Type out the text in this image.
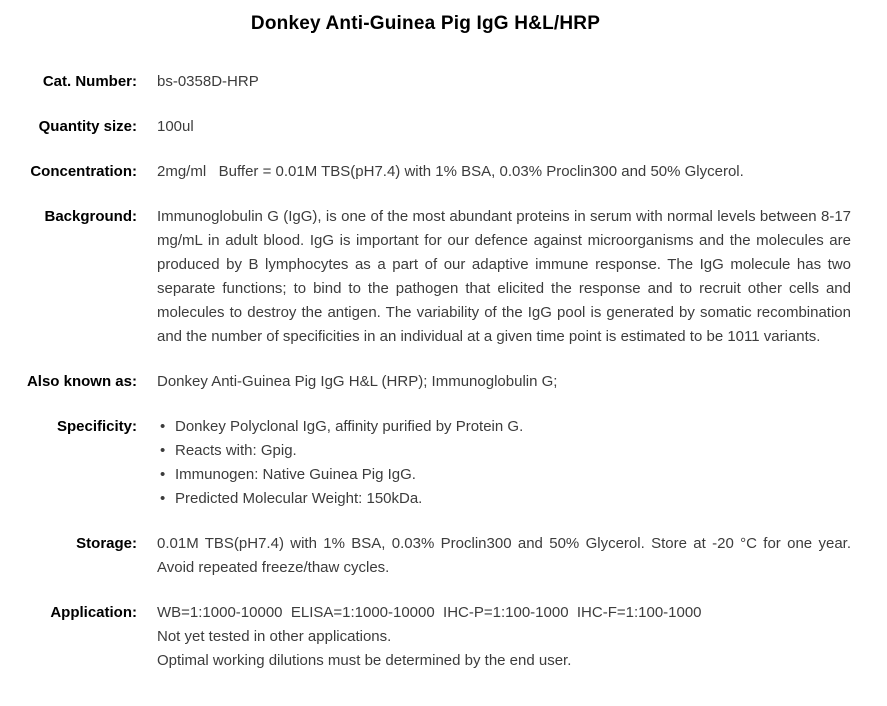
Donkey Anti-Guinea Pig IgG H&L/HRP
Cat. Number: bs-0358D-HRP
Quantity size: 100ul
Concentration: 2mg/ml   Buffer = 0.01M TBS(pH7.4) with 1% BSA, 0.03% Proclin300 and 50% Glycerol.
Background: Immunoglobulin G (IgG), is one of the most abundant proteins in serum with normal levels between 8-17 mg/mL in adult blood. IgG is important for our defence against microorganisms and the molecules are produced by B lymphocytes as a part of our adaptive immune response. The IgG molecule has two separate functions; to bind to the pathogen that elicited the response and to recruit other cells and molecules to destroy the antigen. The variability of the IgG pool is generated by somatic recombination and the number of specificities in an individual at a given time point is estimated to be 1011 variants.
Also known as: Donkey Anti-Guinea Pig IgG H&L (HRP); Immunoglobulin G;
Specificity: • Donkey Polyclonal IgG, affinity purified by Protein G.
• Reacts with: Gpig.
• Immunogen: Native Guinea Pig IgG.
• Predicted Molecular Weight: 150kDa.
Storage: 0.01M TBS(pH7.4) with 1% BSA, 0.03% Proclin300 and 50% Glycerol. Store at -20 °C for one year. Avoid repeated freeze/thaw cycles.
Application: WB=1:1000-10000  ELISA=1:1000-10000  IHC-P=1:100-1000  IHC-F=1:100-1000
Not yet tested in other applications.
Optimal working dilutions must be determined by the end user.
